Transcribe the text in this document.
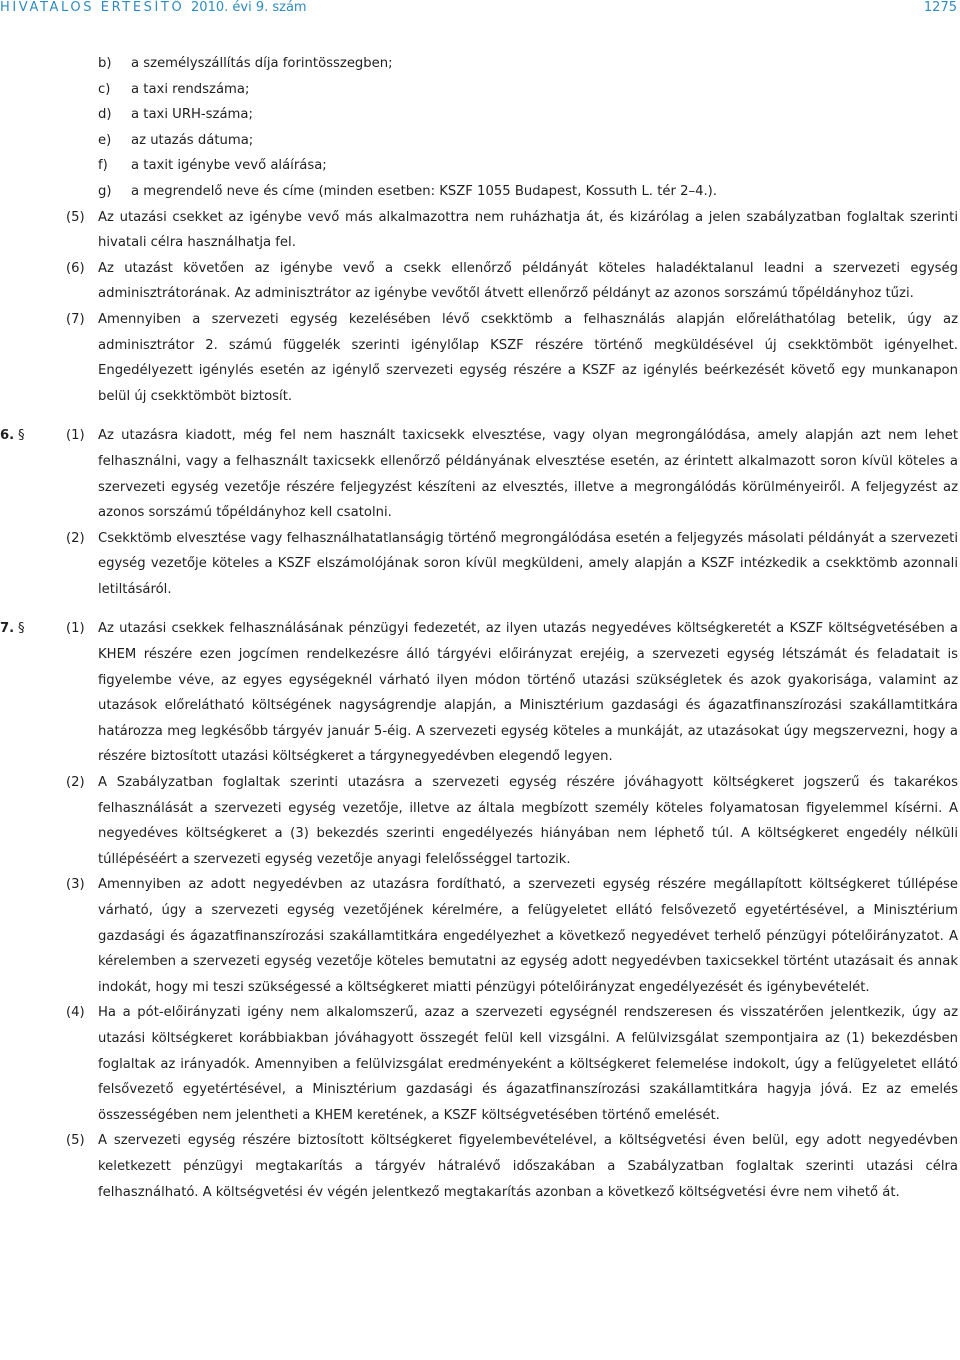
HIVATALOS ÉRTESÍTŐ 2010. évi 9. szám	1275
b) a személyszállítás díja forintösszegben;
c) a taxi rendszáma;
d) a taxi URH-száma;
e) az utazás dátuma;
f) a taxit igénybe vevő aláírása;
g) a megrendelő neve és címe (minden esetben: KSZF 1055 Budapest, Kossuth L. tér 2–4.).
(5) Az utazási csekket az igénybe vevő más alkalmazottra nem ruházhatja át, és kizárólag a jelen szabályzatban foglaltak szerinti hivatali célra használhatja fel.
(6) Az utazást követően az igénybe vevő a csekk ellenőrző példányát köteles haladéktalanul leadni a szervezeti egység adminisztrátorának. Az adminisztrátor az igénybe vevőtől átvett ellenőrző példányt az azonos sorszámú tőpéldányhoz tűzi.
(7) Amennyiben a szervezeti egység kezelésében lévő csekktömb a felhasználás alapján előreláthatólag betelik, úgy az adminisztrátor 2. számú függelék szerinti igénylőlap KSZF részére történő megküldésével új csekktömböt igényelhet. Engedélyezett igénylés esetén az igénylő szervezeti egység részére a KSZF az igénylés beérkezését követő egy munkanapon belül új csekktömböt biztosít.
6. §	(1) Az utazásra kiadott, még fel nem használt taxicsekk elvesztése, vagy olyan megrongálódása, amely alapján azt nem lehet felhasználni, vagy a felhasznált taxicsekk ellenőrző példányának elvesztése esetén, az érintett alkalmazott soron kívül köteles a szervezeti egység vezetője részére feljegyzést készíteni az elvesztés, illetve a megrongálódás körülményeiről. A feljegyzést az azonos sorszámú tőpéldányhoz kell csatolni.
(2) Csekktömb elvesztése vagy felhasználhatatlanságig történő megrongálódása esetén a feljegyzés másolati példányát a szervezeti egység vezetője köteles a KSZF elszámolójának soron kívül megküldeni, amely alapján a KSZF intézkedik a csekktömb azonnali letiltásáról.
7. §	(1) Az utazási csekkek felhasználásának pénzügyi fedezetét, az ilyen utazás negyedéves költségkeretét a KSZF költségvetésében a KHEM részére ezen jogcímen rendelkezésre álló tárgyévi előirányzat erejéig, a szervezeti egység létszámát és feladatait is figyelembe véve, az egyes egységeknél várható ilyen módon történő utazási szükségletek és azok gyakorisága, valamint az utazások előrelátható költségének nagyságrendje alapján, a Minisztérium gazdasági és ágazatfinanszírozási szakállamtitkára határozza meg legkésőbb tárgyév január 5-éig. A szervezeti egység köteles a munkáját, az utazásokat úgy megszervezni, hogy a részére biztosított utazási költségkeret a tárgynegyedévben elegendő legyen.
(2) A Szabályzatban foglaltak szerinti utazásra a szervezeti egység részére jóváhagyott költségkeret jogszerű és takarékos felhasználását a szervezeti egység vezetője, illetve az általa megbízott személy köteles folyamatosan figyelemmel kísérni. A negyedéves költségkeret a (3) bekezdés szerinti engedélyezés hiányában nem léphető túl. A költségkeret engedély nélküli túllépéséért a szervezeti egység vezetője anyagi felelősséggel tartozik.
(3) Amennyiben az adott negyedévben az utazásra fordítható, a szervezeti egység részére megállapított költségkeret túllépése várható, úgy a szervezeti egység vezetőjének kérelmére, a felügyeletet ellátó felsővezető egyetértésével, a Minisztérium gazdasági és ágazatfinanszírozási szakállamtitkára engedélyezhet a következő negyedévet terhelő pénzügyi pótelőirányzatot. A kérelemben a szervezeti egység vezetője köteles bemutatni az egység adott negyedévben taxicsekkel történt utazásait és annak indokát, hogy mi teszi szükségessé a költségkeret miatti pénzügyi pótelőirányzat engedélyezését és igénybevételét.
(4) Ha a pót-előirányzati igény nem alkalomszerű, azaz a szervezeti egységnél rendszeresen és visszatérően jelentkezik, úgy az utazási költségkeret korábbiakban jóváhagyott összegét felül kell vizsgálni. A felülvizsgálat szempontjaira az (1) bekezdésben foglaltak az irányadók. Amennyiben a felülvizsgálat eredményeként a költségkeret felemelése indokolt, úgy a felügyeletet ellátó felsővezető egyetértésével, a Minisztérium gazdasági és ágazatfinanszírozási szakállamtitkára hagyja jóvá. Ez az emelés összességében nem jelentheti a KHEM keretének, a KSZF költségvetésében történő emelését.
(5) A szervezeti egység részére biztosított költségkeret figyelembevételével, a költségvetési éven belül, egy adott negyedévben keletkezett pénzügyi megtakarítás a tárgyév hátralévő időszakában a Szabályzatban foglaltak szerinti utazási célra felhasználható. A költségvetési év végén jelentkező megtakarítás azonban a következő költségvetési évre nem vihető át.
